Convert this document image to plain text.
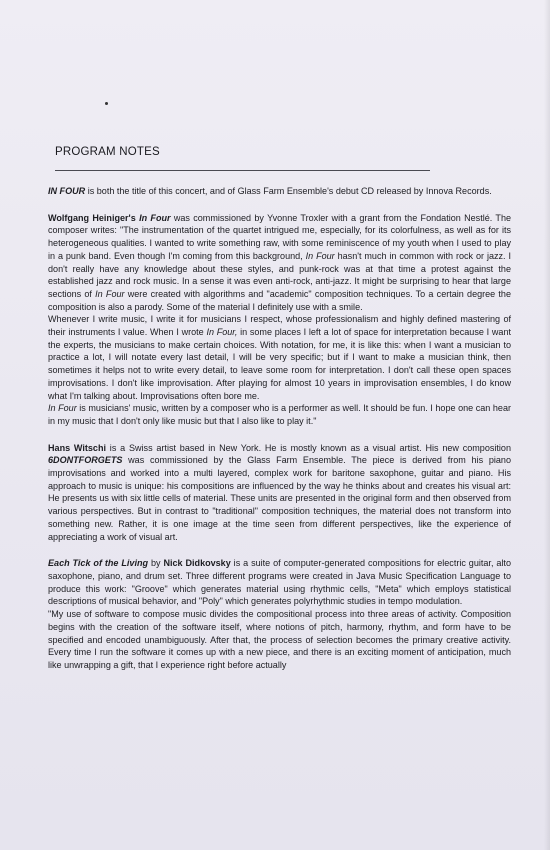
PROGRAM NOTES

IN FOUR is both the title of this concert, and of Glass Farm Ensemble's debut CD released by Innova Records.

Wolfgang Heiniger's In Four was commissioned by Yvonne Troxler with a grant from the Fondation Nestlé. The composer writes: "The instrumentation of the quartet intrigued me, especially, for its colorfulness, as well as for its heterogeneous qualities. I wanted to write something raw, with some reminiscence of my youth when I used to play in a punk band. Even though I'm coming from this background, In Four hasn't much in common with rock or jazz. I don't really have any knowledge about these styles, and punk-rock was at that time a protest against the established jazz and rock music. In a sense it was even anti-rock, anti-jazz. It might be surprising to hear that large sections of In Four were created with algorithms and "academic" composition techniques. To a certain degree the composition is also a parody. Some of the material I definitely use with a smile.

Whenever I write music, I write it for musicians I respect, whose professionalism and highly defined mastering of their instruments I value. When I wrote In Four, in some places I left a lot of space for interpretation because I want the experts, the musicians to make certain choices. With notation, for me, it is like this: when I want a musician to practice a lot, I will notate every last detail, I will be very specific; but if I want to make a musician think, then sometimes it helps not to write every detail, to leave some room for interpretation. I don't call these open spaces improvisations. I don't like improvisation. After playing for almost 10 years in improvisation ensembles, I do know what I'm talking about. Improvisations often bore me.

In Four is musicians' music, written by a composer who is a performer as well. It should be fun. I hope one can hear in my music that I don't only like music but that I also like to play it."

Hans Witschi is a Swiss artist based in New York. He is mostly known as a visual artist. His new composition 6DONTFORGETS was commissioned by the Glass Farm Ensemble. The piece is derived from his piano improvisations and worked into a multi layered, complex work for baritone saxophone, guitar and piano. His approach to music is unique: his compositions are influenced by the way he thinks about and creates his visual art: He presents us with six little cells of material. These units are presented in the original form and then observed from various perspectives. But in contrast to "traditional" composition techniques, the material does not transform into something new. Rather, it is one image at the time seen from different perspectives, like the experience of appreciating a work of visual art.

Each Tick of the Living by Nick Didkovsky is a suite of computer-generated compositions for electric guitar, alto saxophone, piano, and drum set. Three different programs were created in Java Music Specification Language to produce this work: "Groove" which generates material using rhythmic cells, "Meta" which employs statistical descriptions of musical behavior, and "Poly" which generates polyrhythmic studies in tempo modulation.

"My use of software to compose music divides the compositional process into three areas of activity. Composition begins with the creation of the software itself, where notions of pitch, harmony, rhythm, and form have to be specified and encoded unambiguously. After that, the process of selection becomes the primary creative activity. Every time I run the software it comes up with a new piece, and there is an exciting moment of anticipation, much like unwrapping a gift, that I experience right before actually
